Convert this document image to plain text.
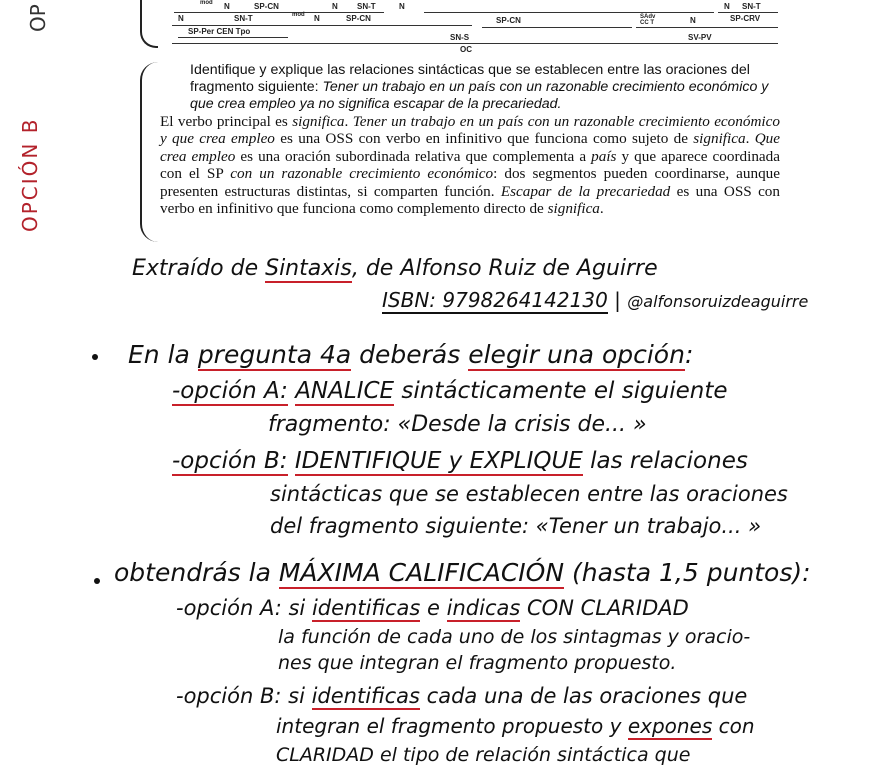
OP
mod N	SP-CN	N SN-T	N	N SN-T
N	SN-T	mod N	SP-CN	SP-CN	SAdv CC T	N	SP-CRV
SP-Per CEN Tpo
SN-S	SV-PV
OC
OPCIÓN B
Identifique y explique las relaciones sintácticas que se establecen entre las oraciones del fragmento siguiente: Tener un trabajo en un país con un razonable crecimiento económico y que crea empleo ya no significa escapar de la precariedad.
El verbo principal es significa. Tener un trabajo en un país con un razonable crecimiento económico y que crea empleo es una OSS con verbo en infinitivo que funciona como sujeto de significa. Que crea empleo es una oración subordinada relativa que complementa a país y que aparece coordinada con el SP con un razonable crecimiento económico: dos segmentos pueden coordinarse, aunque presenten estructuras distintas, si comparten función. Escapar de la precariedad es una OSS con verbo en infinitivo que funciona como complemento directo de significa.
Extraído de Sintaxis, de Alfonso Ruiz de Aguirre
ISBN: 9798264142130 | @alfonsoruizdeaguirre
En la pregunta 4a deberás elegir una opción:
-opción A: ANALICE sintácticamente el siguiente
fragmento: «Desde la crisis de... »
-opción B: IDENTIFIQUE y EXPLIQUE las relaciones
sintácticas que se establecen entre las oraciones
del fragmento siguiente: «Tener un trabajo... »
obtendrás la MÁXIMA CALIFICACIÓN (hasta 1,5 puntos):
-opción A: si identificas e indicas CON CLARIDAD
la función de cada uno de los sintagmas y oracio-
nes que integran el fragmento propuesto.
-opción B: si identificas cada una de las oraciones que
integran el fragmento propuesto y expones con
CLARIDAD el tipo de relación sintáctica que
